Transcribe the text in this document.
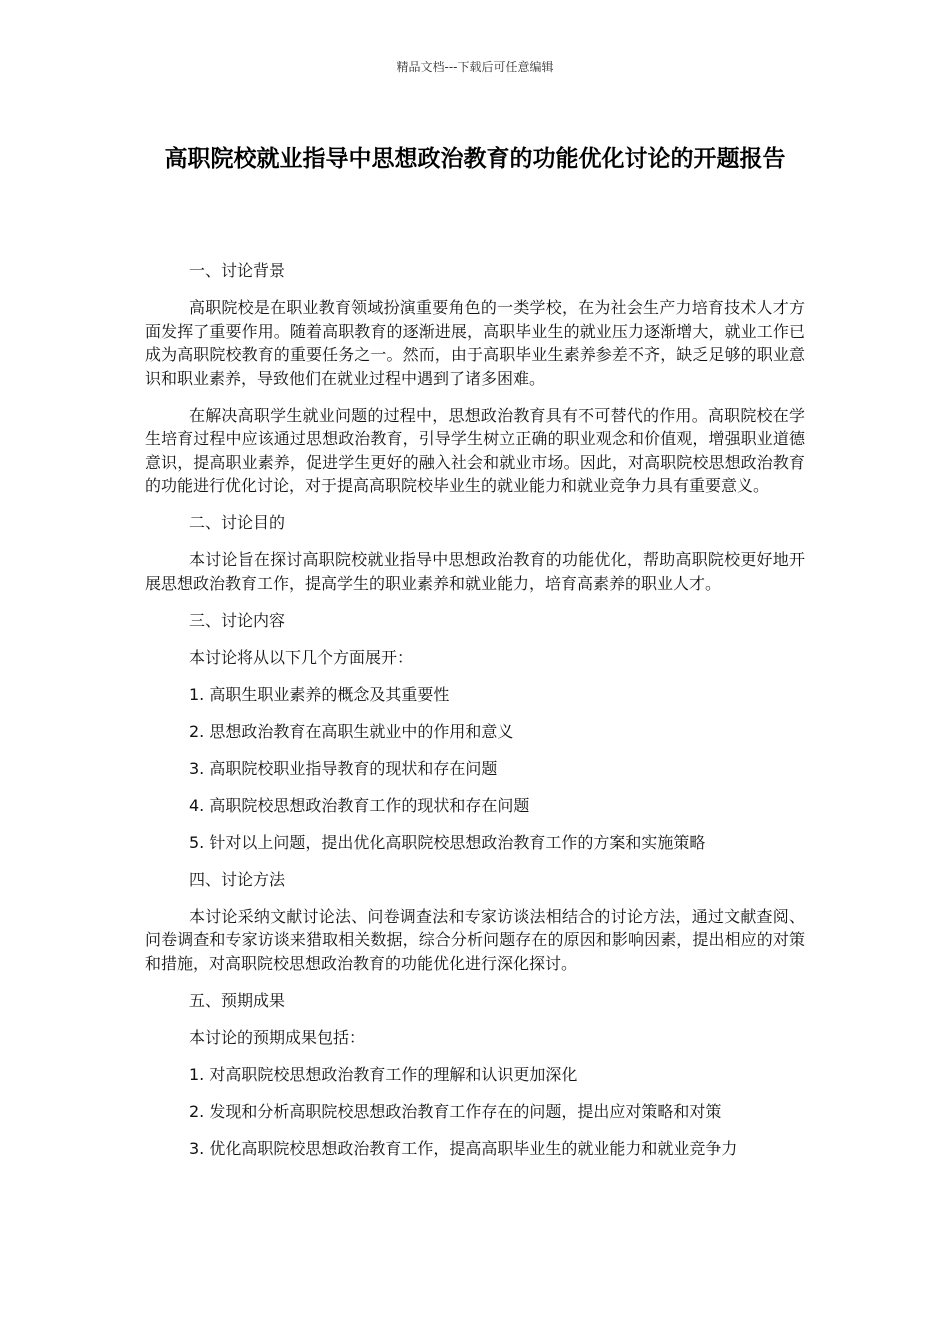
精品文档---下载后可任意编辑
高职院校就业指导中思想政治教育的功能优化讨论的开题报告
一、讨论背景
高职院校是在职业教育领域扮演重要角色的一类学校，在为社会生产力培育技术人才方面发挥了重要作用。随着高职教育的逐渐进展，高职毕业生的就业压力逐渐增大，就业工作已成为高职院校教育的重要任务之一。然而，由于高职毕业生素养参差不齐，缺乏足够的职业意识和职业素养，导致他们在就业过程中遇到了诸多困难。
在解决高职学生就业问题的过程中，思想政治教育具有不可替代的作用。高职院校在学生培育过程中应该通过思想政治教育，引导学生树立正确的职业观念和价值观，增强职业道德意识，提高职业素养，促进学生更好的融入社会和就业市场。因此，对高职院校思想政治教育的功能进行优化讨论，对于提高高职院校毕业生的就业能力和就业竞争力具有重要意义。
二、讨论目的
本讨论旨在探讨高职院校就业指导中思想政治教育的功能优化，帮助高职院校更好地开展思想政治教育工作，提高学生的职业素养和就业能力，培育高素养的职业人才。
三、讨论内容
本讨论将从以下几个方面展开：
1. 高职生职业素养的概念及其重要性
2. 思想政治教育在高职生就业中的作用和意义
3. 高职院校职业指导教育的现状和存在问题
4. 高职院校思想政治教育工作的现状和存在问题
5. 针对以上问题，提出优化高职院校思想政治教育工作的方案和实施策略
四、讨论方法
本讨论采纳文献讨论法、问卷调查法和专家访谈法相结合的讨论方法，通过文献查阅、问卷调查和专家访谈来猎取相关数据，综合分析问题存在的原因和影响因素，提出相应的对策和措施，对高职院校思想政治教育的功能优化进行深化探讨。
五、预期成果
本讨论的预期成果包括：
1. 对高职院校思想政治教育工作的理解和认识更加深化
2. 发现和分析高职院校思想政治教育工作存在的问题，提出应对策略和对策
3. 优化高职院校思想政治教育工作，提高高职毕业生的就业能力和就业竞争力
